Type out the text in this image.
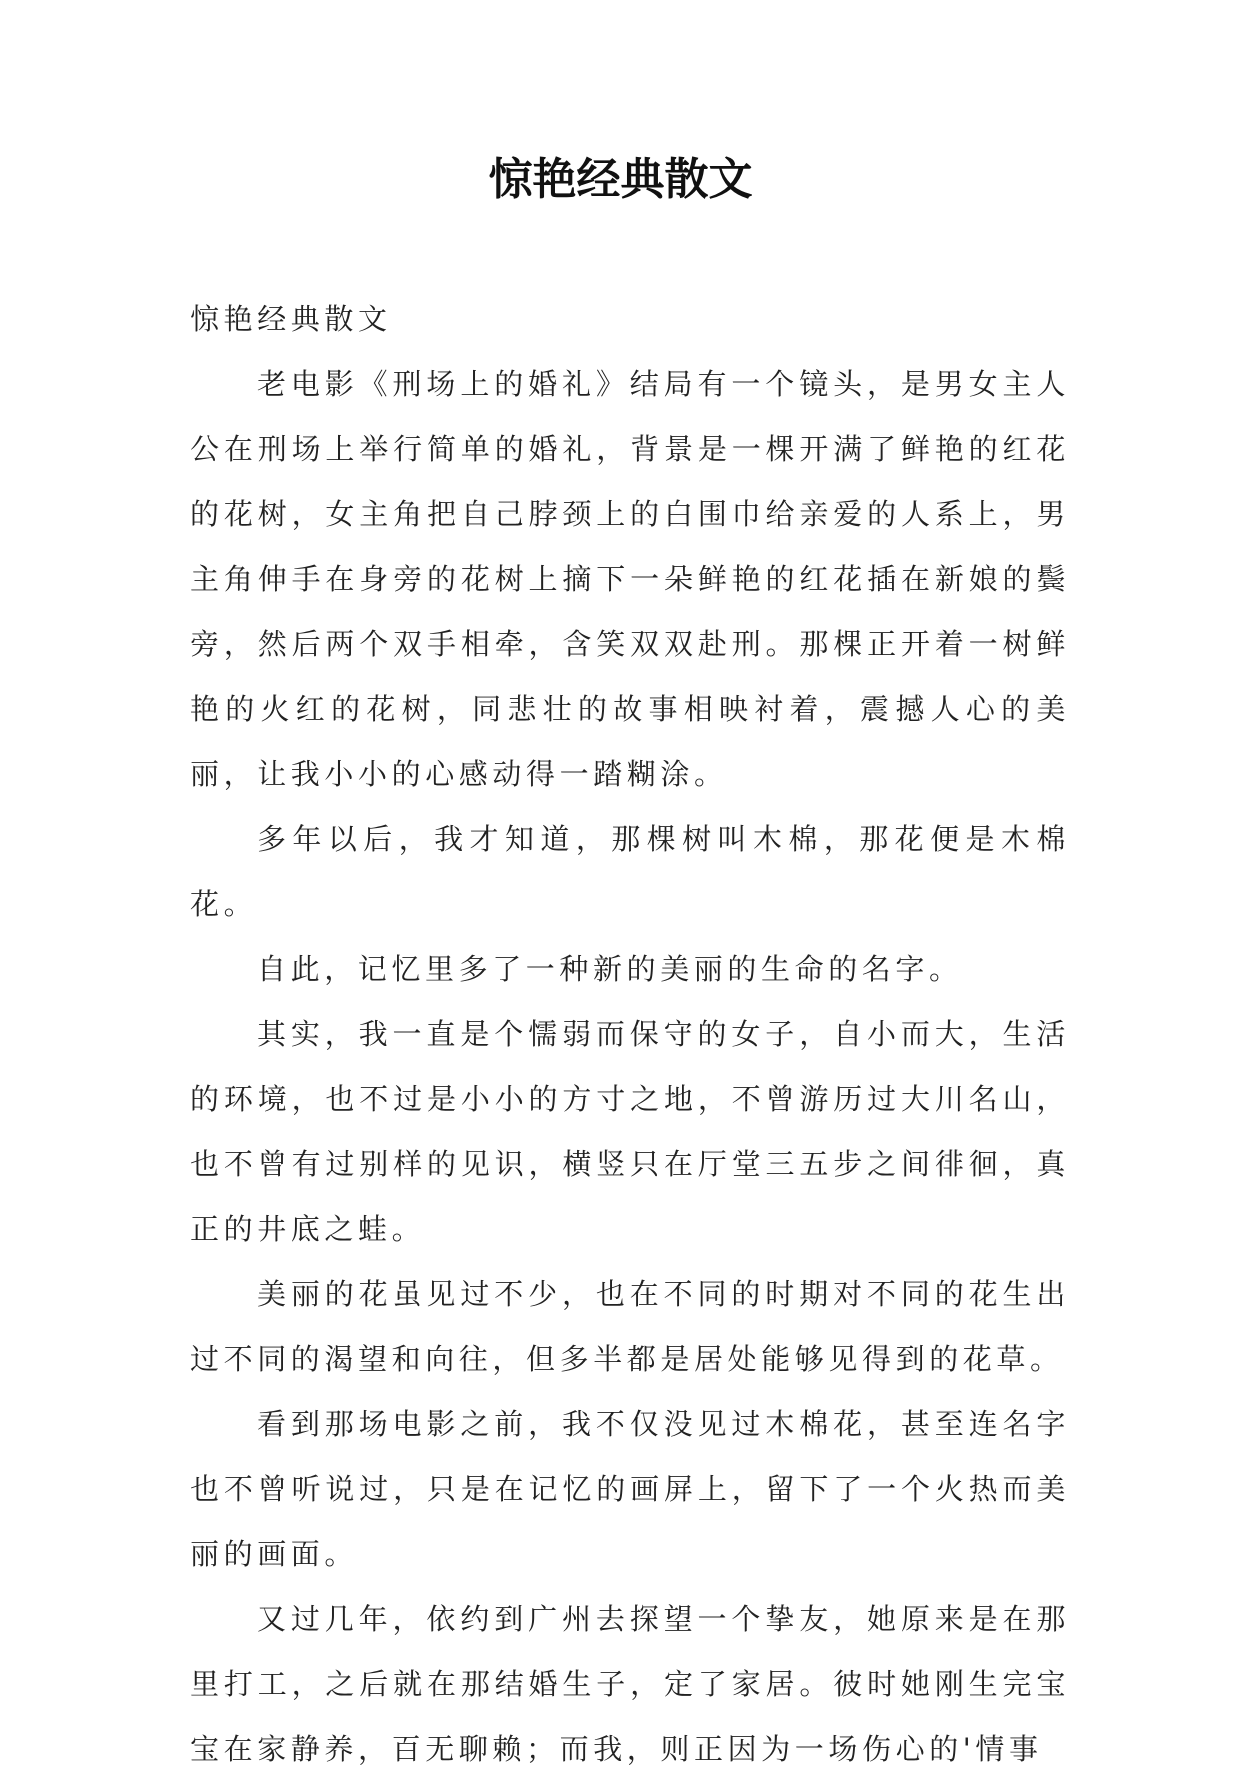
惊艳经典散文

惊艳经典散文

老电影《刑场上的婚礼》结局有一个镜头，是男女主人公在刑场上举行简单的婚礼，背景是一棵开满了鲜艳的红花的花树，女主角把自己脖颈上的白围巾给亲爱的人系上，男主角伸手在身旁的花树上摘下一朵鲜艳的红花插在新娘的鬓旁，然后两个双手相牵，含笑双双赴刑。那棵正开着一树鲜艳的火红的花树，同悲壮的故事相映衬着，震撼人心的美丽，让我小小的心感动得一踏糊涂。

多年以后，我才知道，那棵树叫木棉，那花便是木棉花。

自此，记忆里多了一种新的美丽的生命的名字。

其实，我一直是个懦弱而保守的女子，自小而大，生活的环境，也不过是小小的方寸之地，不曾游历过大川名山，也不曾有过别样的见识，横竖只在厅堂三五步之间徘徊，真正的井底之蛙。

美丽的花虽见过不少，也在不同的时期对不同的花生出过不同的渴望和向往，但多半都是居处能够见得到的花草。

看到那场电影之前，我不仅没见过木棉花，甚至连名字也不曾听说过，只是在记忆的画屏上，留下了一个火热而美丽的画面。

又过几年，依约到广州去探望一个挚友，她原来是在那里打工，之后就在那结婚生子，定了家居。彼时她刚生完宝宝在家静养，百无聊赖；而我，则正因为一场伤心的'情事
